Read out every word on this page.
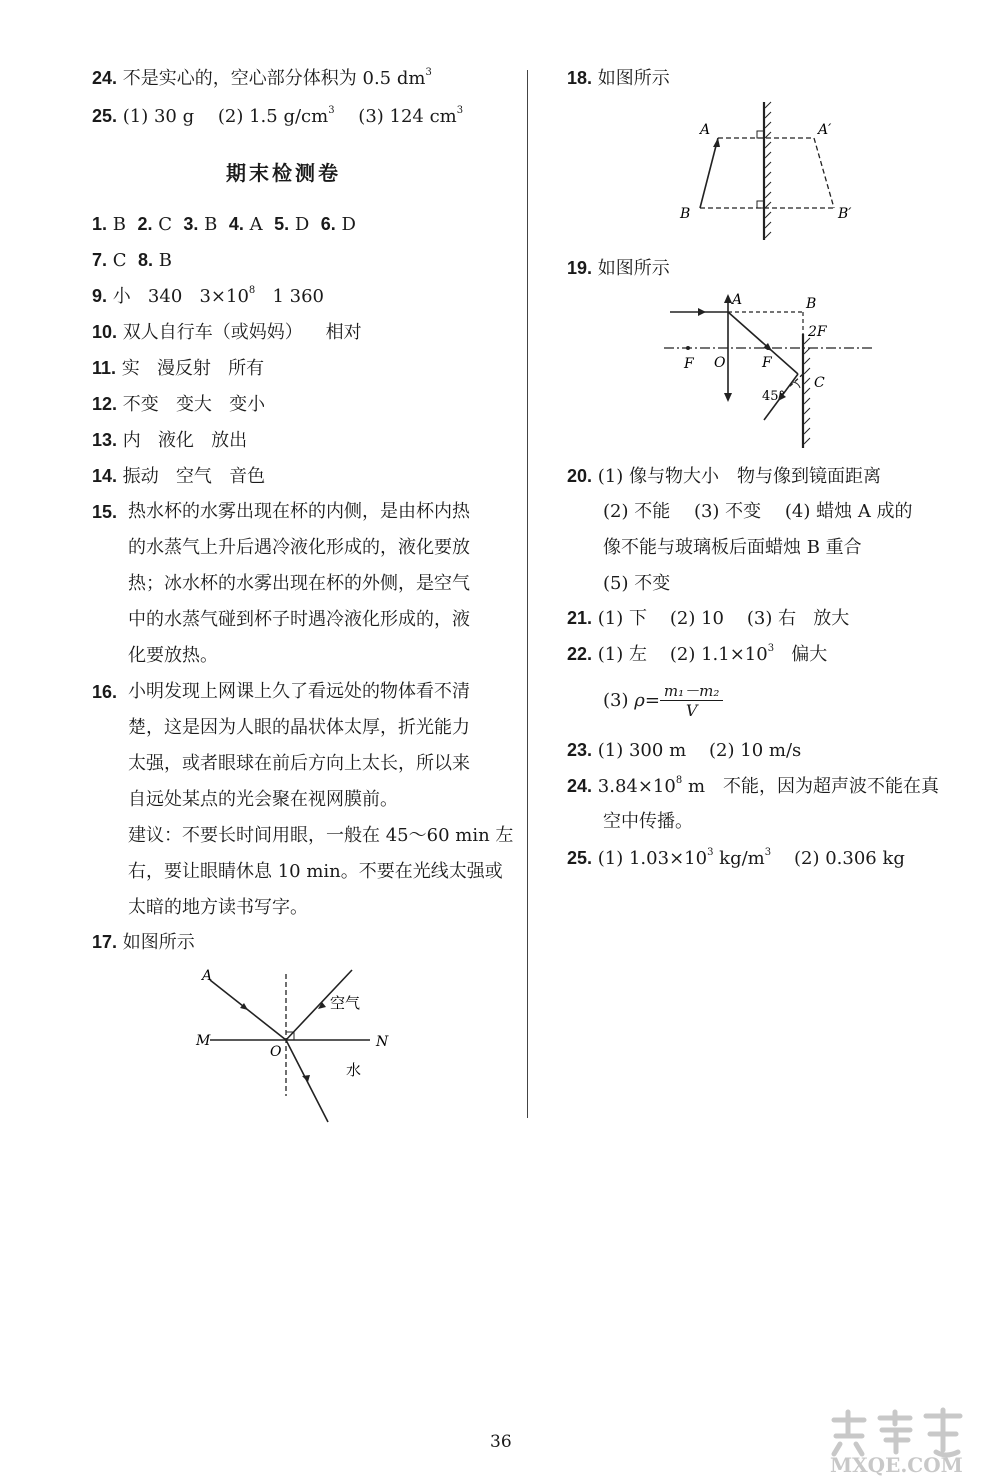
24. 不是实心的，空心部分体积为 0.5 $dm^3$
25. (1) 30 g　 (2) 1.5 $g/cm^3$　 (3) 124 $cm^3$
期末检测卷
1. B 2. C 3. B 4. A 5. D 6. D
7. C 8. B
9. 小 340 $3\times 10^8$ 1 360
10. 双人自行车（或妈妈） 相对
11. 实 漫反射 所有
12. 不变 变大 变小
13. 内 液化 放出
14. 振动 空气 音色
15. 热水杯的水雾出现在杯的内侧，是由杯内热
的水蒸气上升后遇冷液化形成的，液化要放
热；冰水杯的水雾出现在杯的外侧，是空气
中的水蒸气碰到杯子时遇冷液化形成的，液
化要放热。
16. 小明发现上网课上久了看远处的物体看不清
楚，这是因为人眼的晶状体太厚，折光能力
太强，或者眼球在前后方向上太长，所以来
自远处某点的光会聚在视网膜前。
建议：不要长时间用眼，一般在 45～60 min 左
右，要让眼睛休息 10 min。不要在光线太强或
太暗的地方读书写字。
17. 如图所示
A
M
O
N
空气
水
18. 如图所示
A	A′
B	B′
19. 如图所示
A
2F
B
F O	F
C
45°
20. (1) 像与物大小　物与像到镜面距离
(2) 不能　 (3) 不变　 (4) 蜡烛 A 成的
像不能与玻璃板后面蜡烛 B 重合
(5) 不变
21. (1) 下 (2) 10 (3) 右 放大
22. (1) 左 (2) $1.1\times 10^3$ 偏大
(3) $\rho= \frac{\text{m₁－m₂}}{V}$
23. (1) 300 m (2) 10 m/s
24. $3.84\times 10^8$ m　不能，因为超声波不能在真
空中传播。
25. (1) $1.03\times 10^3$ $kg/m^3$ (2) 0.306 kg
36
MXQE.COM
